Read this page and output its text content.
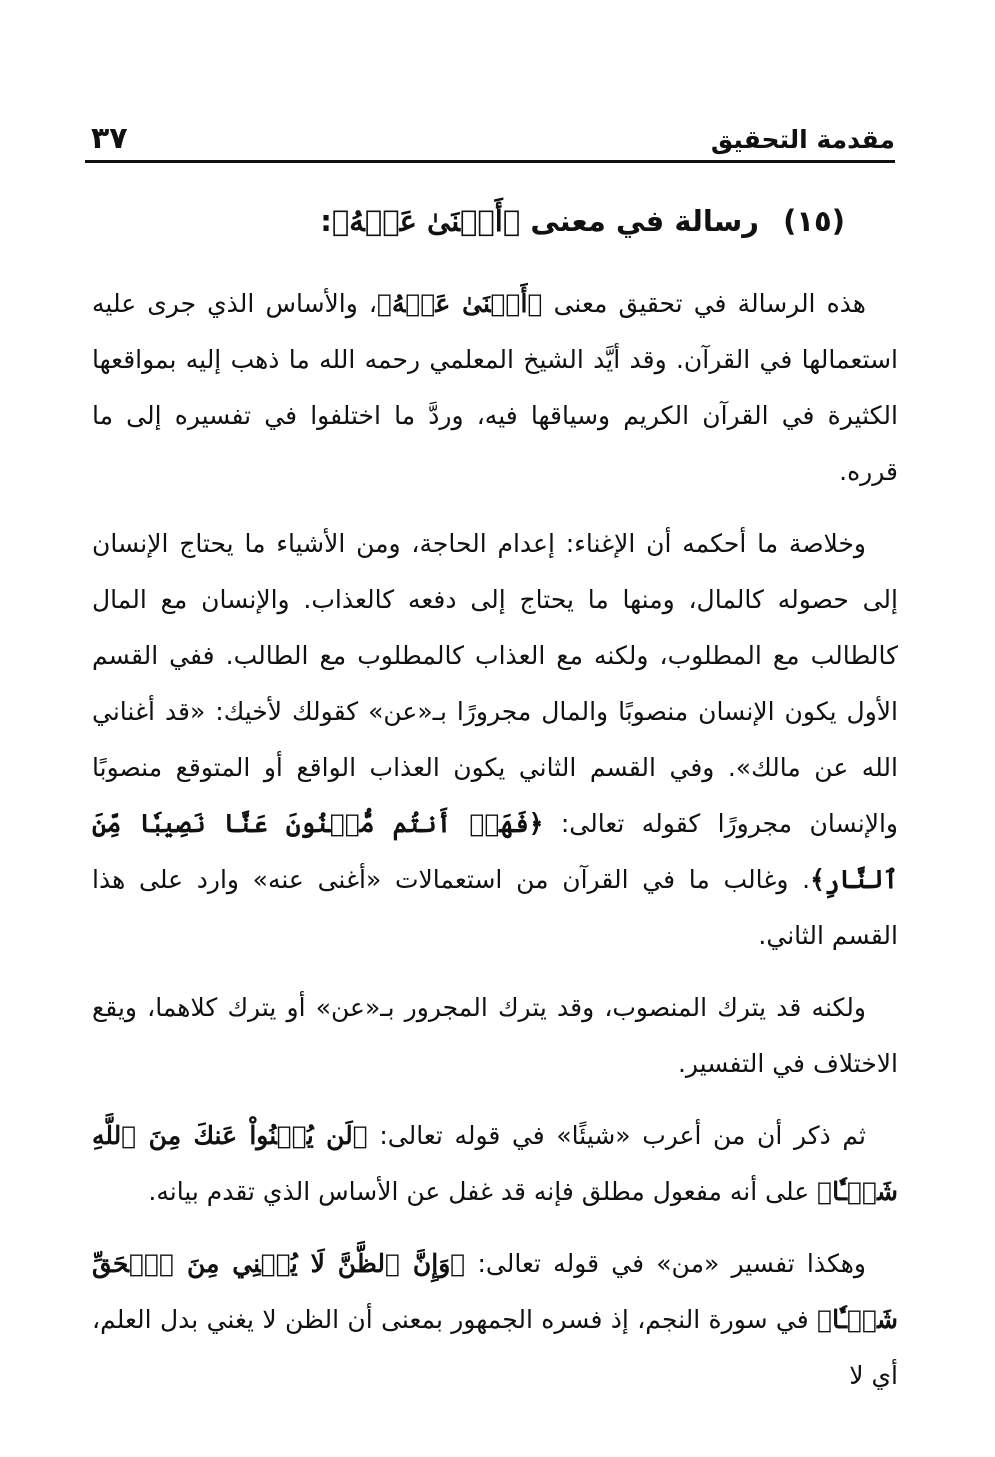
مقدمة التحقيق
٣٧
(١٥) رسالة في معنى ﴿أَغۡنَىٰ عَنۡهُ﴾:

هذه الرسالة في تحقيق معنى ﴿أَغۡنَىٰ عَنۡهُ﴾، والأساس الذي جرى عليه استعمالها في القرآن. وقد أيَّد الشيخ المعلمي رحمه الله ما ذهب إليه بمواقعها الكثيرة في القرآن الكريم وسياقها فيه، وردَّ ما اختلفوا في تفسيره إلى ما قرره.

وخلاصة ما أحكمه أن الإغناء: إعدام الحاجة، ومن الأشياء ما يحتاج الإنسان إلى حصوله كالمال، ومنها ما يحتاج إلى دفعه كالعذاب. والإنسان مع المال كالطالب مع المطلوب، ولكنه مع العذاب كالمطلوب مع الطالب. ففي القسم الأول يكون الإنسان منصوبًا والمال مجرورًا بـ«عن» كقولك لأخيك: «قد أغناني الله عن مالك». وفي القسم الثاني يكون العذاب الواقع أو المتوقع منصوبًا والإنسان مجرورًا كقوله تعالى: ﴿فَهَلۡ أَنتُم مُّغۡنُونَ عَنَّا نَصِيبٗا مِّنَ ٱلنَّارِ﴾. وغالب ما في القرآن من استعمالات «أغنى عنه» وارد على هذا القسم الثاني.

ولكنه قد يترك المنصوب، وقد يترك المجرور بـ«عن» أو يترك كلاهما، ويقع الاختلاف في التفسير.

ثم ذكر أن من أعرب «شيئًا» في قوله تعالى: ﴿لَن يُغۡنُواْ عَنكَ مِنَ ٱللَّهِ شَيۡـٔٗا﴾ على أنه مفعول مطلق فإنه قد غفل عن الأساس الذي تقدم بيانه.

وهكذا تفسير «من» في قوله تعالى: ﴿وَإِنَّ ٱلظَّنَّ لَا يُغۡنِي مِنَ ٱلۡحَقِّ شَيۡـٔٗا﴾ في سورة النجم، إذ فسره الجمهور بمعنى أن الظن لا يغني بدل العلم، أي لا
